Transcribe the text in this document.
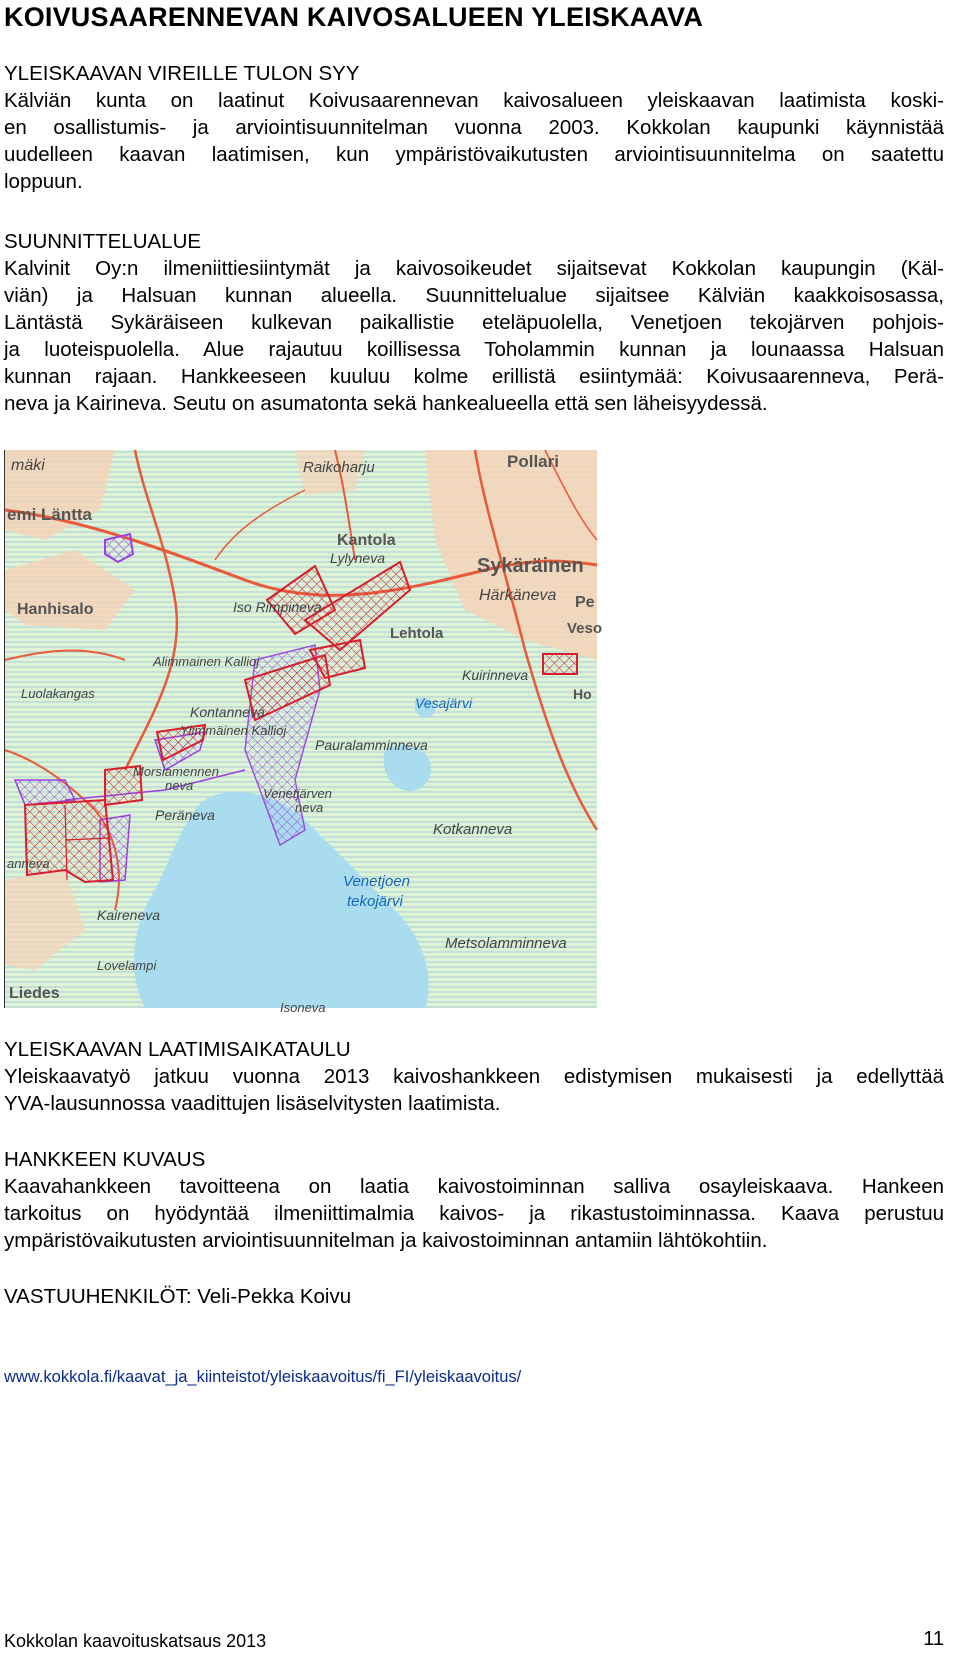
KOIVUSAARENNEVAN KAIVOSALUEEN YLEISKAAVA
YLEISKAAVAN VIREILLE TULON SYY
Kälviän kunta on laatinut Koivusaarennevan kaivosalueen yleiskaavan laatimista koski-
en osallistumis- ja arviointisuunnitelman vuonna 2003. Kokkolan kaupunki käynnistää
uudelleen kaavan laatimisen, kun ympäristövaikutusten arviointisuunnitelma on saatettu
loppuun.
SUUNNITTELUALUE
Kalvinit Oy:n ilmeniittiesiintymät ja kaivosoikeudet sijaitsevat Kokkolan kaupungin (Käl-
viän) ja Halsuan kunnan alueella. Suunnittelualue sijaitsee Kälviän kaakkoisosassa,
Läntästä Sykäräiseen kulkevan paikallistie eteläpuolella, Venetjoen tekojärven pohjois-
ja luoteispuolella. Alue rajautuu koillisessa Toholammin kunnan ja lounaassa Halsuan
kunnan rajaan. Hankkeeseen kuuluu kolme erillistä esiintymää: Koivusaarenneva, Perä-
neva ja Kairineva. Seutu on asumatonta sekä hankealueella että sen läheisyydessä.
mäki	Raikoharju	Pollari
emi Läntta
Kantola
Sykäräinen
Lylyneva
Härkäneva Pe
Hanhisalo	Iso Rimpineva
Lehtola	Veso
Alimmainen Kallioj
Kuirinneva
Ho
Luolakangas
Vesajärvi
Kontanneva
Ylimmäinen Kallioj
Pauralamminneva
Morsiamennen
neva
Venetjärven
neva
Peräneva
Kotkanneva
anneva
Venetjoen
tekojärvi
Kaireneva
Metsolamminneva
Lovelampi
Liedes
Isoneva
YLEISKAAVAN LAATIMISAIKATAULU
Yleiskaavatyö jatkuu vuonna 2013 kaivoshankkeen edistymisen mukaisesti ja edellyttää
YVA-lausunnossa vaadittujen lisäselvitysten laatimista.
HANKKEEN KUVAUS
Kaavahankkeen tavoitteena on laatia kaivostoiminnan salliva osayleiskaava. Hankeen
tarkoitus on hyödyntää ilmeniittimalmia kaivos- ja rikastustoiminnassa. Kaava perustuu
ympäristövaikutusten arviointisuunnitelman ja kaivostoiminnan antamiin lähtökohtiin.
VASTUUHENKILÖT: Veli-Pekka Koivu
www.kokkola.fi/kaavat_ja_kiinteistot/yleiskaavoitus/fi_FI/yleiskaavoitus/
Kokkolan kaavoituskatsaus 2013	11
